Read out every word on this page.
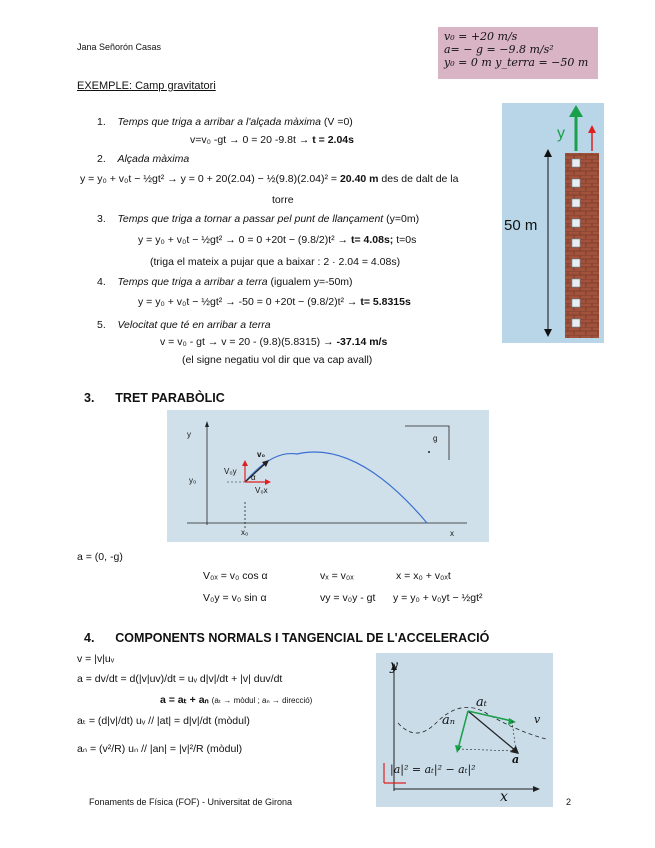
Jana Señorón Casas
v₀ = +20 m/s
a= − g = −9.8 m/s²
y₀ = 0 m y_terra = −50 m
EXEMPLE: Camp gravitatori
1. Temps que triga a arribar a l'alçada màxima (V =0)
v=v₀ -gt → 0 = 20 -9.8t → t = 2.04s
2. Alçada màxima
y = y₀ + v₀t − ½gt² → y = 0 + 20(2.04) − ½(9.8)(2.04)² = 20.40 m des de dalt de la
torre
3. Temps que triga a tornar a passar pel punt de llançament (y=0m)
y = y₀ + v₀t − ½gt² → 0 = 0 +20t − (9.8/2)t² → t= 4.08s; t=0s
(triga el mateix a pujar que a baixar : 2 · 2.04 = 4.08s)
4. Temps que triga a arribar a terra (igualem y=-50m)
y = y₀ + v₀t − ½gt² → -50 = 0 +20t − (9.8/2)t² → t= 5.8315s
5. Velocitat que té en arribar a terra
v = v₀ - gt → v = 20 - (9.8)(5.8315) → -37.14 m/s
(el signe negatiu vol dir que va cap avall)
y
50 m
3. TRET PARABÒLIC
y
y₀
x
x₀
v₀
α
V₀y
V₀x
g
a = (0, -g)
V₀ₓ = v₀ cos α	vₓ = v₀ₓ	x = x₀ + v₀ₓt
V₀y = v₀ sin α	vy = v₀y - gt y = y₀ + v₀yt − ½gt²
4. COMPONENTS NORMALS I TANGENCIAL DE L'ACCELERACIÓ
v = |v|uᵥ
a = dv/dt = d(|v|uv)/dt = uᵥ d|v|/dt + |v| duv/dt
a = aₜ + aₙ (aₜ → mòdul ; aₙ → direcció)
aₜ = (d|v|/dt) uᵥ // |at| = d|v|/dt (mòdul)
aₙ = (v²/R) uₙ // |an| = |v|²/R (mòdul)
y
x
aₜ
aₙ	v
a
|a|² = aₜ|² − aₜ|²
Fonaments de Física (FOF) - Universitat de Girona	2
